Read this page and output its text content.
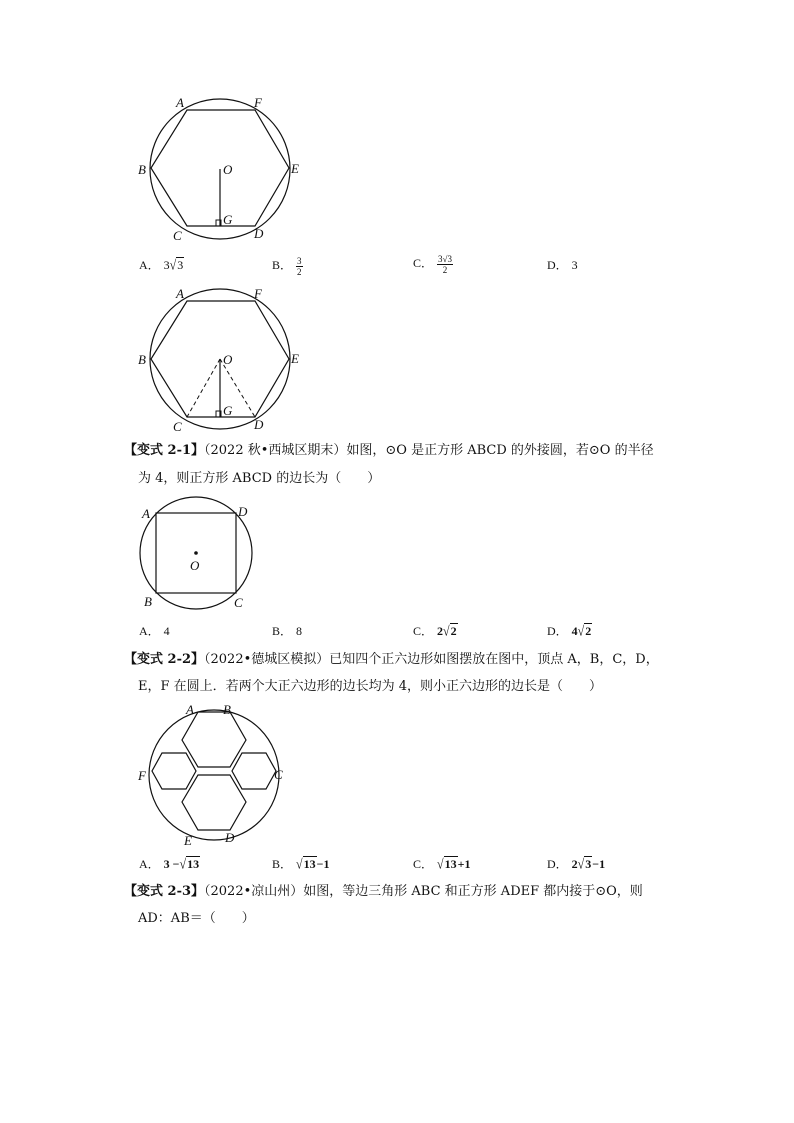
A	F
B	E
O
G
C	D
A． 3√3	B． $\frac{3}{2}$	C． $\frac{3√3}{2}$	D． 3
A	F
B	E
O
G
C	D
【变式 2-1】（2022 秋•西城区期末）如图，⊙O 是正方形 ABCD 的外接圆，若⊙O 的半径
为 4，则正方形 ABCD 的边长为（　　）
A	D
O
B	C
A． 4	B． 8	C． 2√2	D． 4√2
【变式 2-2】（2022•德城区模拟）已知四个正六边形如图摆放在图中，顶点 A，B，C，D，
E，F 在圆上．若两个大正六边形的边长均为 4，则小正六边形的边长是（　　）
A B
F	C
E	D
A． 3 −√13	B． √13−1	C． √13+1	D． 2√3−1
【变式 2-3】（2022•凉山州）如图，等边三角形 ABC 和正方形 ADEF 都内接于⊙O，则
AD：AB＝（　　）
